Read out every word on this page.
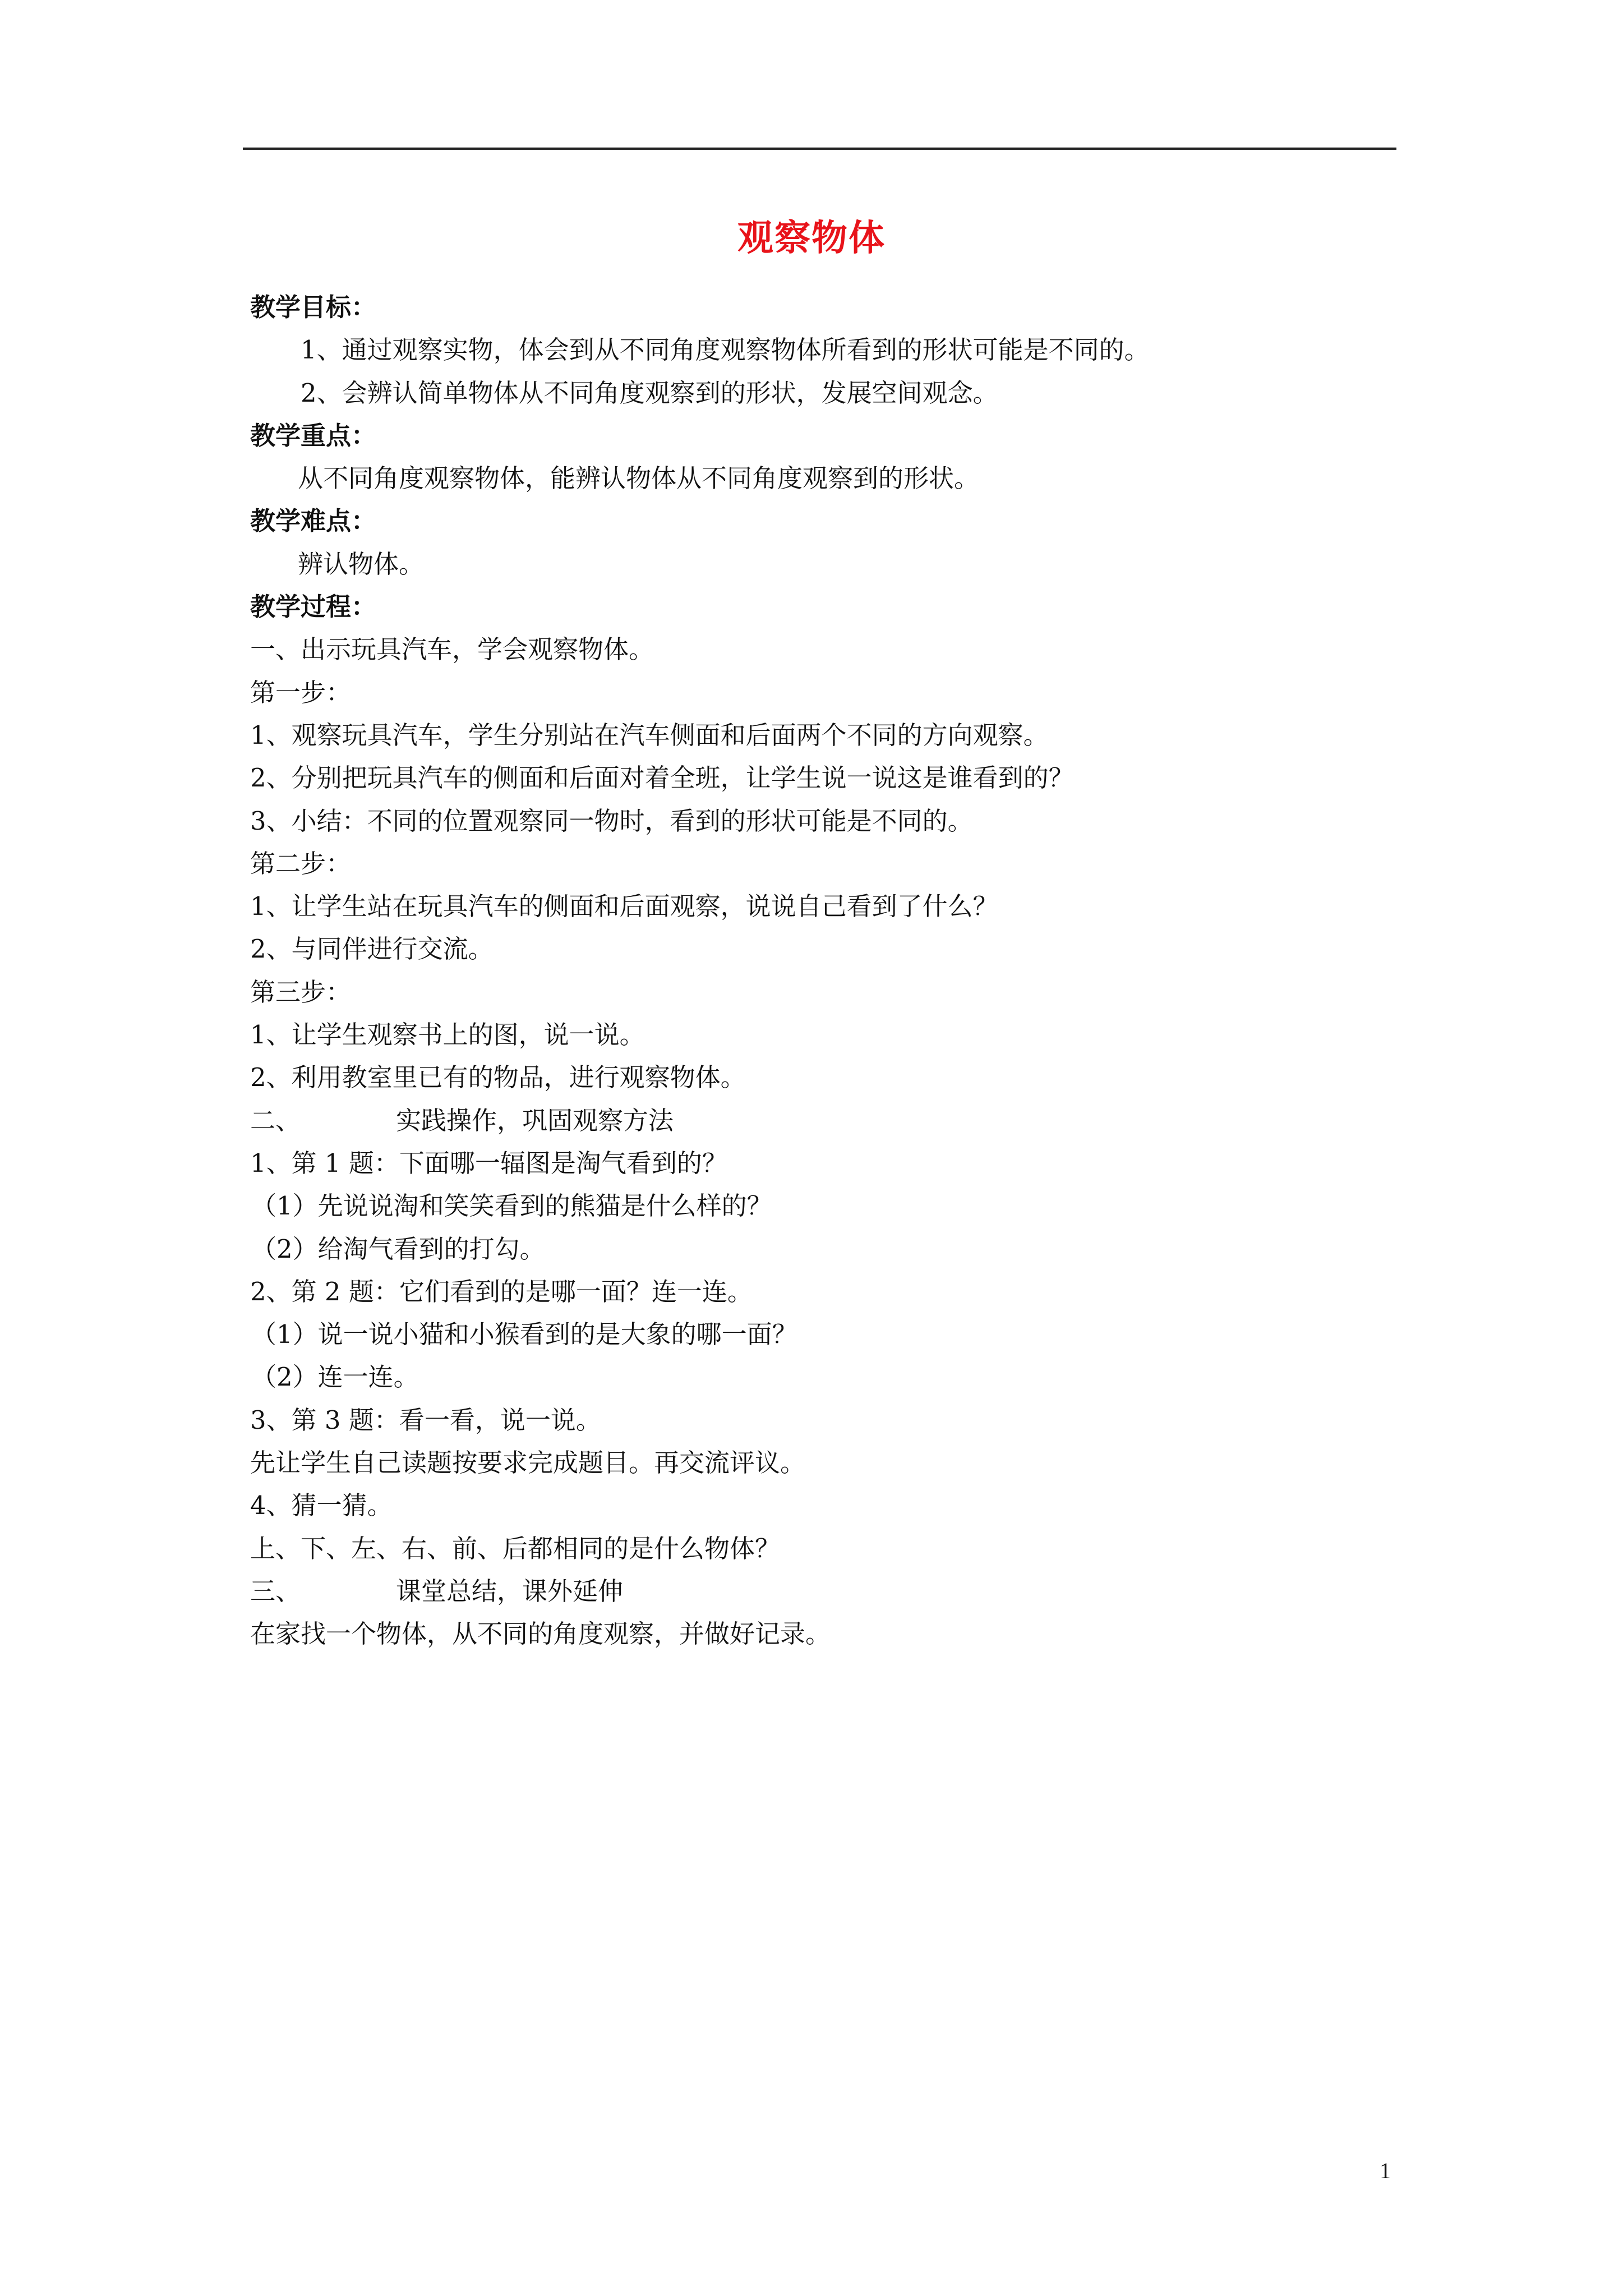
观察物体
教学目标：
1、通过观察实物，体会到从不同角度观察物体所看到的形状可能是不同的。
2、会辨认简单物体从不同角度观察到的形状，发展空间观念。
教学重点：
从不同角度观察物体，能辨认物体从不同角度观察到的形状。
教学难点：
辨认物体。
教学过程：
一、出示玩具汽车，学会观察物体。
第一步：
1、观察玩具汽车，学生分别站在汽车侧面和后面两个不同的方向观察。
2、分别把玩具汽车的侧面和后面对着全班，让学生说一说这是谁看到的？
3、小结：不同的位置观察同一物时，看到的形状可能是不同的。
第二步：
1、让学生站在玩具汽车的侧面和后面观察，说说自己看到了什么？
2、与同伴进行交流。
第三步：
1、让学生观察书上的图，说一说。
2、利用教室里已有的物品，进行观察物体。
二、	实践操作，巩固观察方法
1、第 1 题：下面哪一辐图是淘气看到的？
（1）先说说淘和笑笑看到的熊猫是什么样的？
（2）给淘气看到的打勾。
2、第 2 题：它们看到的是哪一面？连一连。
（1）说一说小猫和小猴看到的是大象的哪一面？
（2）连一连。
3、第 3 题：看一看，说一说。
先让学生自己读题按要求完成题目。再交流评议。
4、猜一猜。
上、下、左、右、前、后都相同的是什么物体？
三、	课堂总结，课外延伸
在家找一个物体，从不同的角度观察，并做好记录。
1
